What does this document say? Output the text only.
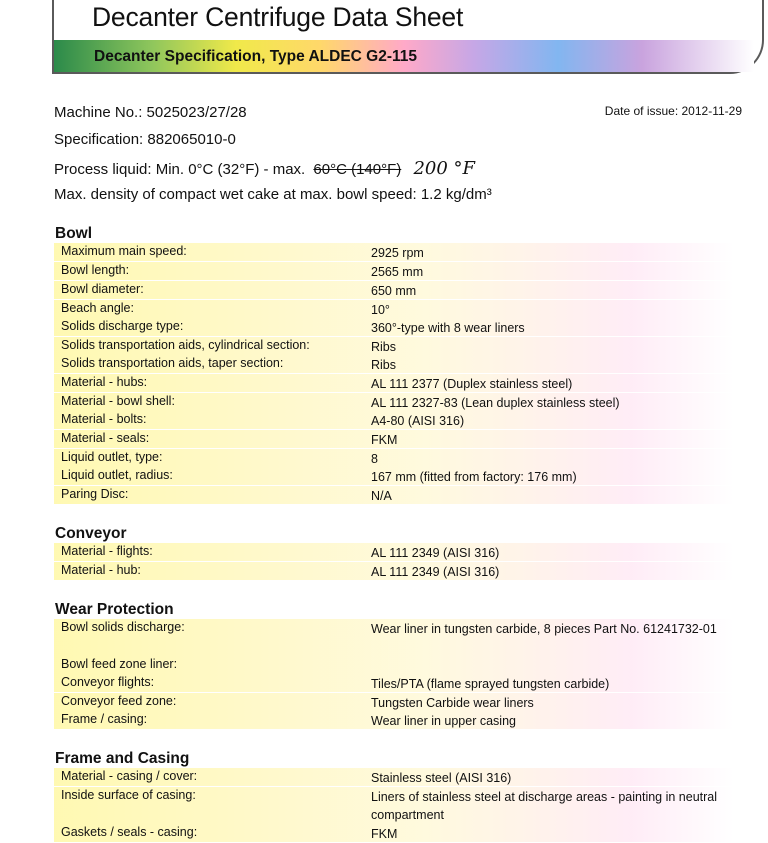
Decanter Centrifuge Data Sheet
Decanter Specification, Type ALDEC G2-115
Machine No.: 5025023/27/28	Date of issue: 2012-11-29
Specification: 882065010-0
Process liquid: Min. 0°C (32°F) - max. 60°C (140°F) 200 °F
Max. density of compact wet cake at max. bowl speed: 1.2 kg/dm³
Bowl
Maximum main speed:	2925 rpm
Bowl length:	2565 mm
Bowl diameter:	650 mm
Beach angle:	10°
Solids discharge type:	360°-type with 8 wear liners
Solids transportation aids, cylindrical section:	Ribs
Solids transportation aids, taper section:	Ribs
Material - hubs:	AL 111 2377 (Duplex stainless steel)
Material - bowl shell:	AL 111 2327-83 (Lean duplex stainless steel)
Material - bolts:	A4-80 (AISI 316)
Material - seals:	FKM
Liquid outlet, type:	8
Liquid outlet, radius:	167 mm (fitted from factory: 176 mm)
Paring Disc:	N/A
Conveyor
Material - flights:	AL 111 2349 (AISI 316)
Material - hub:	AL 111 2349 (AISI 316)
Wear Protection
Bowl solids discharge:	Wear liner in tungsten carbide, 8 pieces Part No. 61241732-01
Bowl feed zone liner:
Conveyor flights:	Tiles/PTA (flame sprayed tungsten carbide)
Conveyor feed zone:	Tungsten Carbide wear liners
Frame / casing:	Wear liner in upper casing
Frame and Casing
Material - casing / cover:	Stainless steel (AISI 316)
Inside surface of casing:	Liners of stainless steel at discharge areas - painting in neutral compartment
Gaskets / seals - casing:	FKM
